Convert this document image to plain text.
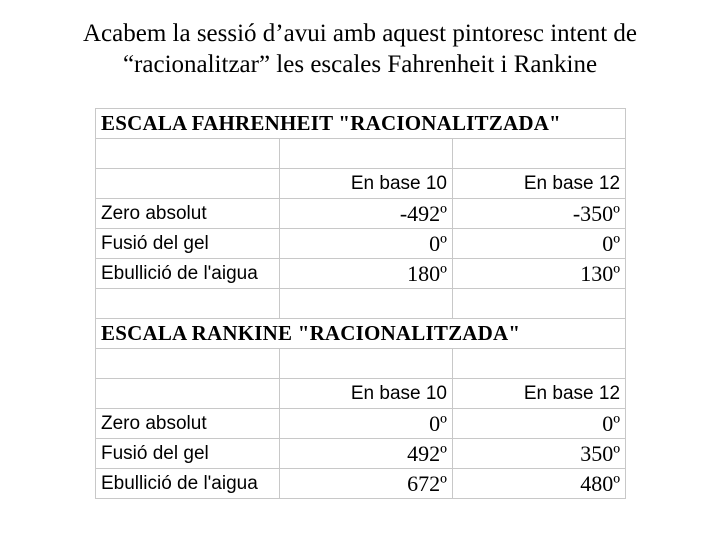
Acabem la sessió d’avui amb aquest pintoresc intent de
“racionalitzar” les escales Fahrenheit i Rankine
ESCALA FAHRENHEIT "RACIONALITZADA"		

	En base 10	En base 12
Zero absolut	-492º	-350º
Fusió del gel	0º	0º
Ebullició de l'aigua	180º	130º

ESCALA RANKINE "RACIONALITZADA"		

	En base 10	En base 12
Zero absolut	0º	0º
Fusió del gel	492º	350º
Ebullició de l'aigua	672º	480º
